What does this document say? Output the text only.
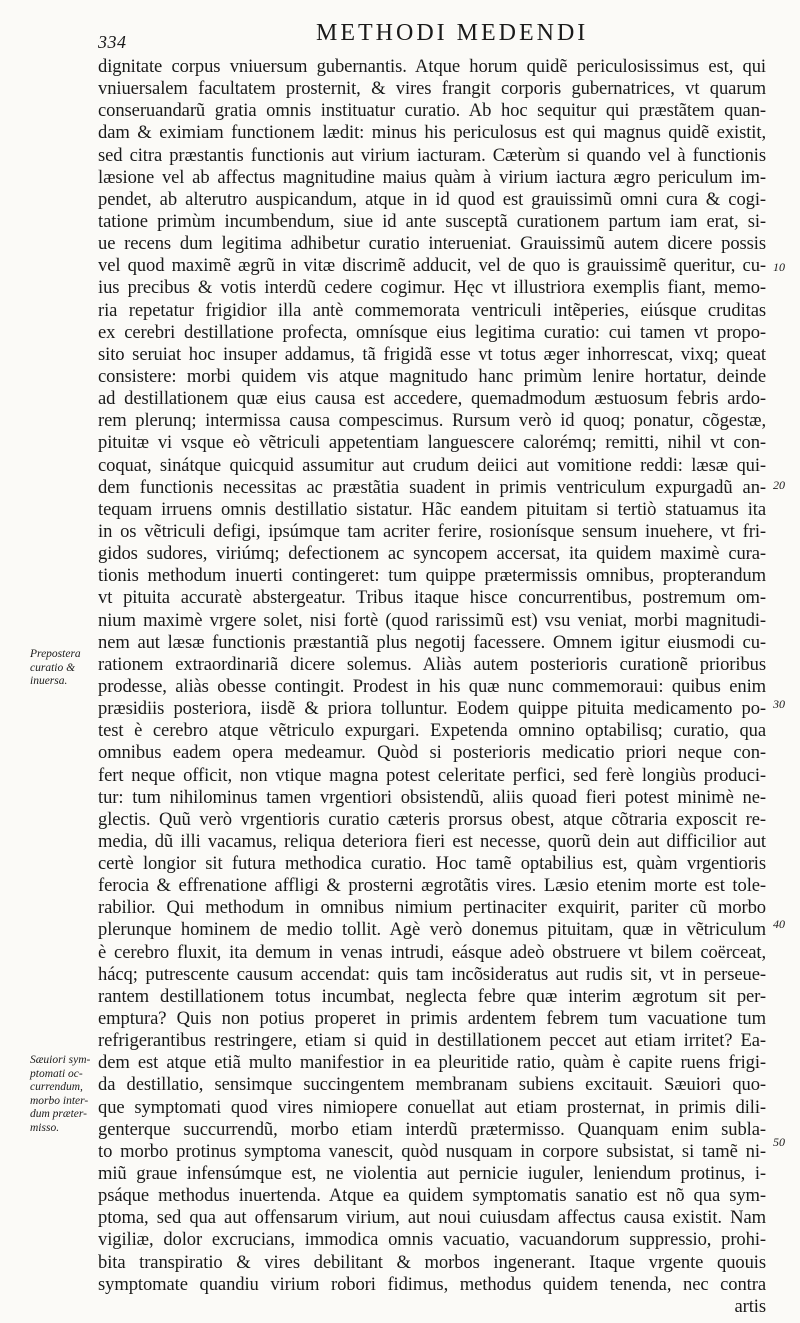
334	METHODI MEDENDI
dignitate corpus vniuersum gubernantis. Atque horum quidẽ periculosissimus est, qui
vniuersalem facultatem prosternit, & vires frangit corporis gubernatrices, vt quarum
conseruandarũ gratia omnis instituatur curatio. Ab hoc sequitur qui præstãtem quan-
dam & eximiam functionem lædit: minus his periculosus est qui magnus quidẽ existit,
sed citra præstantis functionis aut virium iacturam. Cæterùm si quando vel à functionis
læsione vel ab affectus magnitudine maius quàm à virium iactura ægro periculum im-
pendet, ab alterutro auspicandum, atque in id quod est grauissimũ omni cura & cogi-
tatione primùm incumbendum, siue id ante susceptã curationem partum iam erat, si-
ue recens dum legitima adhibetur curatio interueniat. Grauissimũ autem dicere possis
vel quod maximẽ ægrũ in vitæ discrimẽ adducit, vel de quo is grauissimẽ queritur, cu-
ius precibus & votis interdũ cedere cogimur. Hęc vt illustriora exemplis fiant, memo-
ria repetatur frigidior illa antè commemorata ventriculi intẽperies, eiúsque cruditas
ex cerebri destillatione profecta, omnísque eius legitima curatio: cui tamen vt propo-
sito seruiat hoc insuper addamus, tã frigidã esse vt totus æger inhorrescat, vixq; queat
consistere: morbi quidem vis atque magnitudo hanc primùm lenire hortatur, deinde
ad destillationem quæ eius causa est accedere, quemadmodum æstuosum febris ardo-
rem plerunq; intermissa causa compescimus. Rursum verò id quoq; ponatur, cõgestæ,
pituitæ vi vsque eò vẽtriculi appetentiam languescere calorémq; remitti, nihil vt con-
coquat, sinátque quicquid assumitur aut crudum deiici aut vomitione reddi: læsæ qui-
dem functionis necessitas ac præstãtia suadent in primis ventriculum expurgadũ an-
tequam irruens omnis destillatio sistatur. Hãc eandem pituitam si tertiò statuamus ita
in os vẽtriculi defigi, ipsúmque tam acriter ferire, rosionísque sensum inuehere, vt fri-
gidos sudores, viriúmq; defectionem ac syncopem accersat, ita quidem maximè cura-
tionis methodum inuerti contingeret: tum quippe prætermissis omnibus, propterandum
vt pituita accuratè abstergeatur. Tribus itaque hisce concurrentibus, postremum om-
nium maximè vrgere solet, nisi fortè (quod rarissimũ est) vsu veniat, morbi magnitudi-
nem aut læsæ functionis præstantiã plus negotij facessere. Omnem igitur eiusmodi cu-
rationem extraordinariã dicere solemus. Aliàs autem posterioris curationẽ prioribus
prodesse, aliàs obesse contingit. Prodest in his quæ nunc commemoraui: quibus enim
præsidiis posteriora, iisdẽ & priora tolluntur. Eodem quippe pituita medicamento po-
test è cerebro atque vẽtriculo expurgari. Expetenda omnino optabilisq; curatio, qua
omnibus eadem opera medeamur. Quòd si posterioris medicatio priori neque con-
fert neque officit, non vtique magna potest celeritate perfici, sed ferè longiùs produci-
tur: tum nihilominus tamen vrgentiori obsistendũ, aliis quoad fieri potest minimè ne-
glectis. Quũ verò vrgentioris curatio cæteris prorsus obest, atque cõtraria exposcit re-
media, dũ illi vacamus, reliqua deteriora fieri est necesse, quorũ dein aut difficilior aut
certè longior sit futura methodica curatio. Hoc tamẽ optabilius est, quàm vrgentioris
ferocia & effrenatione affligi & prosterni ægrotãtis vires. Læsio etenim morte est tole-
rabilior. Qui methodum in omnibus nimium pertinaciter exquirit, pariter cũ morbo
plerunque hominem de medio tollit. Agè verò donemus pituitam, quæ in vẽtriculum
è cerebro fluxit, ita demum in venas intrudi, eásque adeò obstruere vt bilem coërceat,
hácq; putrescente causum accendat: quis tam incõsideratus aut rudis sit, vt in perseue-
rantem destillationem totus incumbat, neglecta febre quæ interim ægrotum sit per-
emptura? Quis non potius properet in primis ardentem febrem tum vacuatione tum
refrigerantibus restringere, etiam si quid in destillationem peccet aut etiam irritet? Ea-
dem est atque etiã multo manifestior in ea pleuritide ratio, quàm è capite ruens frigi-
da destillatio, sensimque succingentem membranam subiens excitauit. Sæuiori quo-
que symptomati quod vires nimiopere conuellat aut etiam prosternat, in primis dili-
genterque succurrendũ, morbo etiam interdũ prætermisso. Quanquam enim subla-
to morbo protinus symptoma vanescit, quòd nusquam in corpore subsistat, si tamẽ ni-
miũ graue infensúmque est, ne violentia aut pernicie iuguler, leniendum protinus, i-
psáque methodus inuertenda. Atque ea quidem symptomatis sanatio est nõ qua sym-
ptoma, sed qua aut offensarum virium, aut noui cuiusdam affectus causa existit. Nam
vigiliæ, dolor excrucians, immodica omnis vacuatio, vacuandorum suppressio, prohi-
bita transpiratio & vires debilitant & morbos ingenerant. Itaque vrgente quouis
symptomate quandiu virium robori fidimus, methodus quidem tenenda, nec contra
artis
Prepostera
curatio &
inuersa.
Sæuiori sym-
ptomati oc-
currendum,
morbo inter-
dum præter-
misso.
10
20
30
40
50
